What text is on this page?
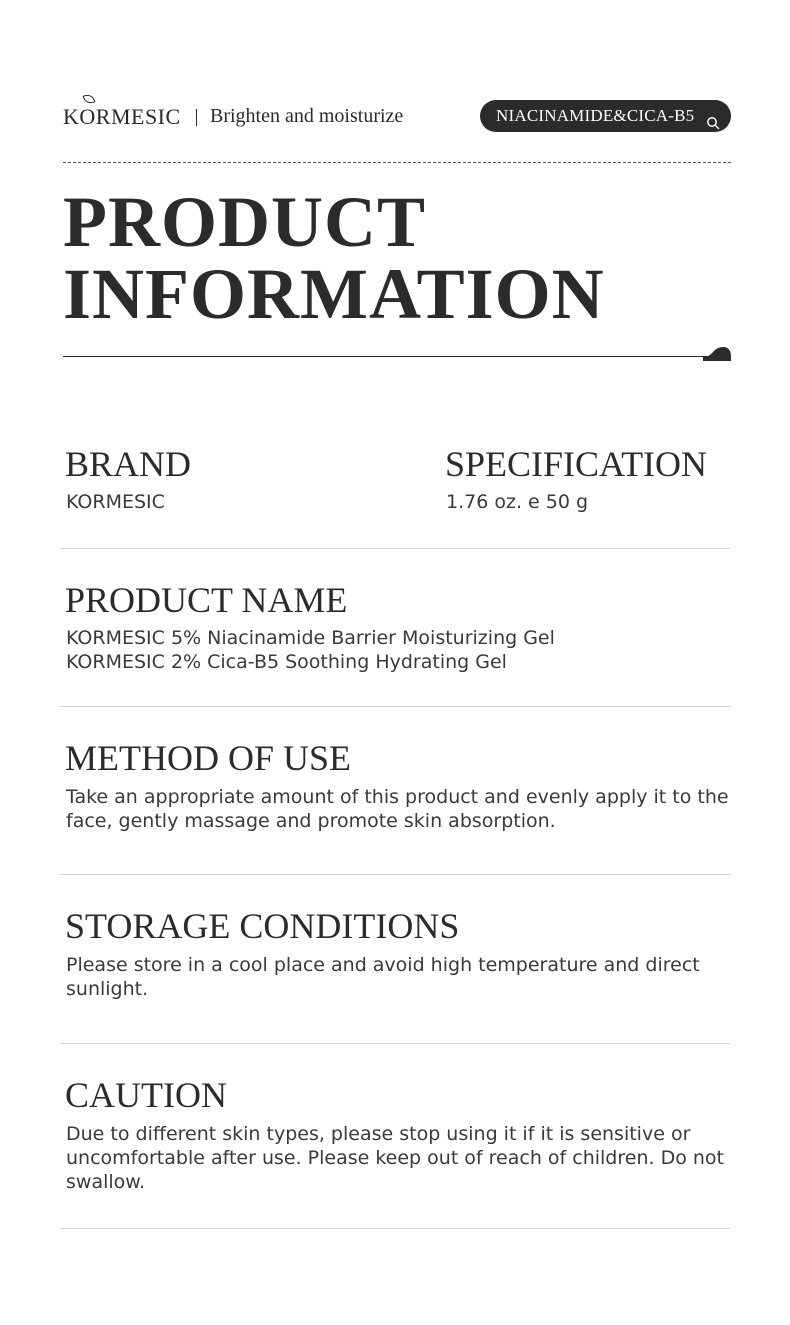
KORMESIC Brighten and moisturize	NIACINAMIDE&CICA-B5
PRODUCT
INFORMATION
BRAND
KORMESIC
SPECIFICATION
1.76 oz. e 50 g
PRODUCT NAME
KORMESIC 5% Niacinamide Barrier Moisturizing Gel
KORMESIC 2% Cica-B5 Soothing Hydrating Gel
METHOD OF USE
Take an appropriate amount of this product and evenly apply it to the face, gently massage and promote skin absorption.
STORAGE CONDITIONS
Please store in a cool place and avoid high temperature and direct sunlight.
CAUTION
Due to different skin types, please stop using it if it is sensitive or uncomfortable after use. Please keep out of reach of children. Do not swallow.
